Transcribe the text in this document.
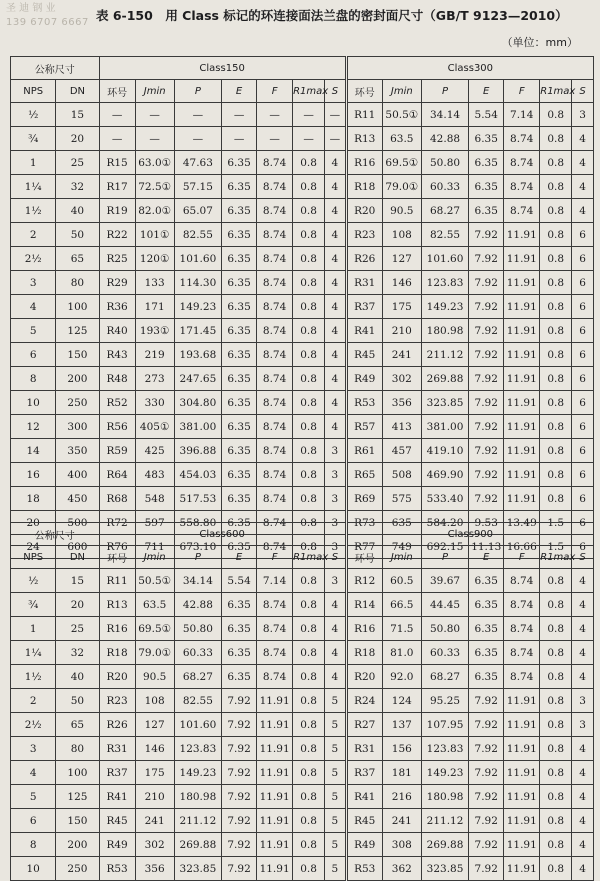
圣 迪 钢 业
139 6707 6667 表 6-150　用 Class 标记的环连接面法兰盘的密封面尺寸（GB/T 9123—2010）
（单位：mm）
公称尺寸		Class150							Class300						
NPS	DN	环号	Jmin	P	E	F	R1max	S	环号	Jmin	P	E	F	R1max	S
½	15	—	—	—	—	—	—	—	R11	50.5①	34.14	5.54	7.14	0.8	3
¾	20	—	—	—	—	—	—	—	R13	63.5	42.88	6.35	8.74	0.8	4
1	25	R15	63.0①	47.63	6.35	8.74	0.8	4	R16	69.5①	50.80	6.35	8.74	0.8	4
1¼	32	R17	72.5①	57.15	6.35	8.74	0.8	4	R18	79.0①	60.33	6.35	8.74	0.8	4
1½	40	R19	82.0①	65.07	6.35	8.74	0.8	4	R20	90.5	68.27	6.35	8.74	0.8	4
2	50	R22	101①	82.55	6.35	8.74	0.8	4	R23	108	82.55	7.92	11.91	0.8	6
2½	65	R25	120①	101.60	6.35	8.74	0.8	4	R26	127	101.60	7.92	11.91	0.8	6
3	80	R29	133	114.30	6.35	8.74	0.8	4	R31	146	123.83	7.92	11.91	0.8	6
4	100	R36	171	149.23	6.35	8.74	0.8	4	R37	175	149.23	7.92	11.91	0.8	6
5	125	R40	193①	171.45	6.35	8.74	0.8	4	R41	210	180.98	7.92	11.91	0.8	6
6	150	R43	219	193.68	6.35	8.74	0.8	4	R45	241	211.12	7.92	11.91	0.8	6
8	200	R48	273	247.65	6.35	8.74	0.8	4	R49	302	269.88	7.92	11.91	0.8	6
10	250	R52	330	304.80	6.35	8.74	0.8	4	R53	356	323.85	7.92	11.91	0.8	6
12	300	R56	405①	381.00	6.35	8.74	0.8	4	R57	413	381.00	7.92	11.91	0.8	6
14	350	R59	425	396.88	6.35	8.74	0.8	3	R61	457	419.10	7.92	11.91	0.8	6
16	400	R64	483	454.03	6.35	8.74	0.8	3	R65	508	469.90	7.92	11.91	0.8	6
18	450	R68	548	517.53	6.35	8.74	0.8	3	R69	575	533.40	7.92	11.91	0.8	6
20	500	R72	597	558.80	6.35	8.74	0.8	3	R73	635	584.20	9.53	13.49	1.5	6
24	600	R76	711	673.10	6.35	8.74	0.8	3	R77	749	692.15	11.13	16.66	1.5	6
公称尺寸		Class600							Class900						
NPS	DN	环号	Jmin	P	E	F	R1max	S	环号	Jmin	P	E	F	R1max	S
½	15	R11	50.5①	34.14	5.54	7.14	0.8	3	R12	60.5	39.67	6.35	8.74	0.8	4
¾	20	R13	63.5	42.88	6.35	8.74	0.8	4	R14	66.5	44.45	6.35	8.74	0.8	4
1	25	R16	69.5①	50.80	6.35	8.74	0.8	4	R16	71.5	50.80	6.35	8.74	0.8	4
1¼	32	R18	79.0①	60.33	6.35	8.74	0.8	4	R18	81.0	60.33	6.35	8.74	0.8	4
1½	40	R20	90.5	68.27	6.35	8.74	0.8	4	R20	92.0	68.27	6.35	8.74	0.8	4
2	50	R23	108	82.55	7.92	11.91	0.8	5	R24	124	95.25	7.92	11.91	0.8	3
2½	65	R26	127	101.60	7.92	11.91	0.8	5	R27	137	107.95	7.92	11.91	0.8	3
3	80	R31	146	123.83	7.92	11.91	0.8	5	R31	156	123.83	7.92	11.91	0.8	4
4	100	R37	175	149.23	7.92	11.91	0.8	5	R37	181	149.23	7.92	11.91	0.8	4
5	125	R41	210	180.98	7.92	11.91	0.8	5	R41	216	180.98	7.92	11.91	0.8	4
6	150	R45	241	211.12	7.92	11.91	0.8	5	R45	241	211.12	7.92	11.91	0.8	4
8	200	R49	302	269.88	7.92	11.91	0.8	5	R49	308	269.88	7.92	11.91	0.8	4
10	250	R53	356	323.85	7.92	11.91	0.8	5	R53	362	323.85	7.92	11.91	0.8	4
